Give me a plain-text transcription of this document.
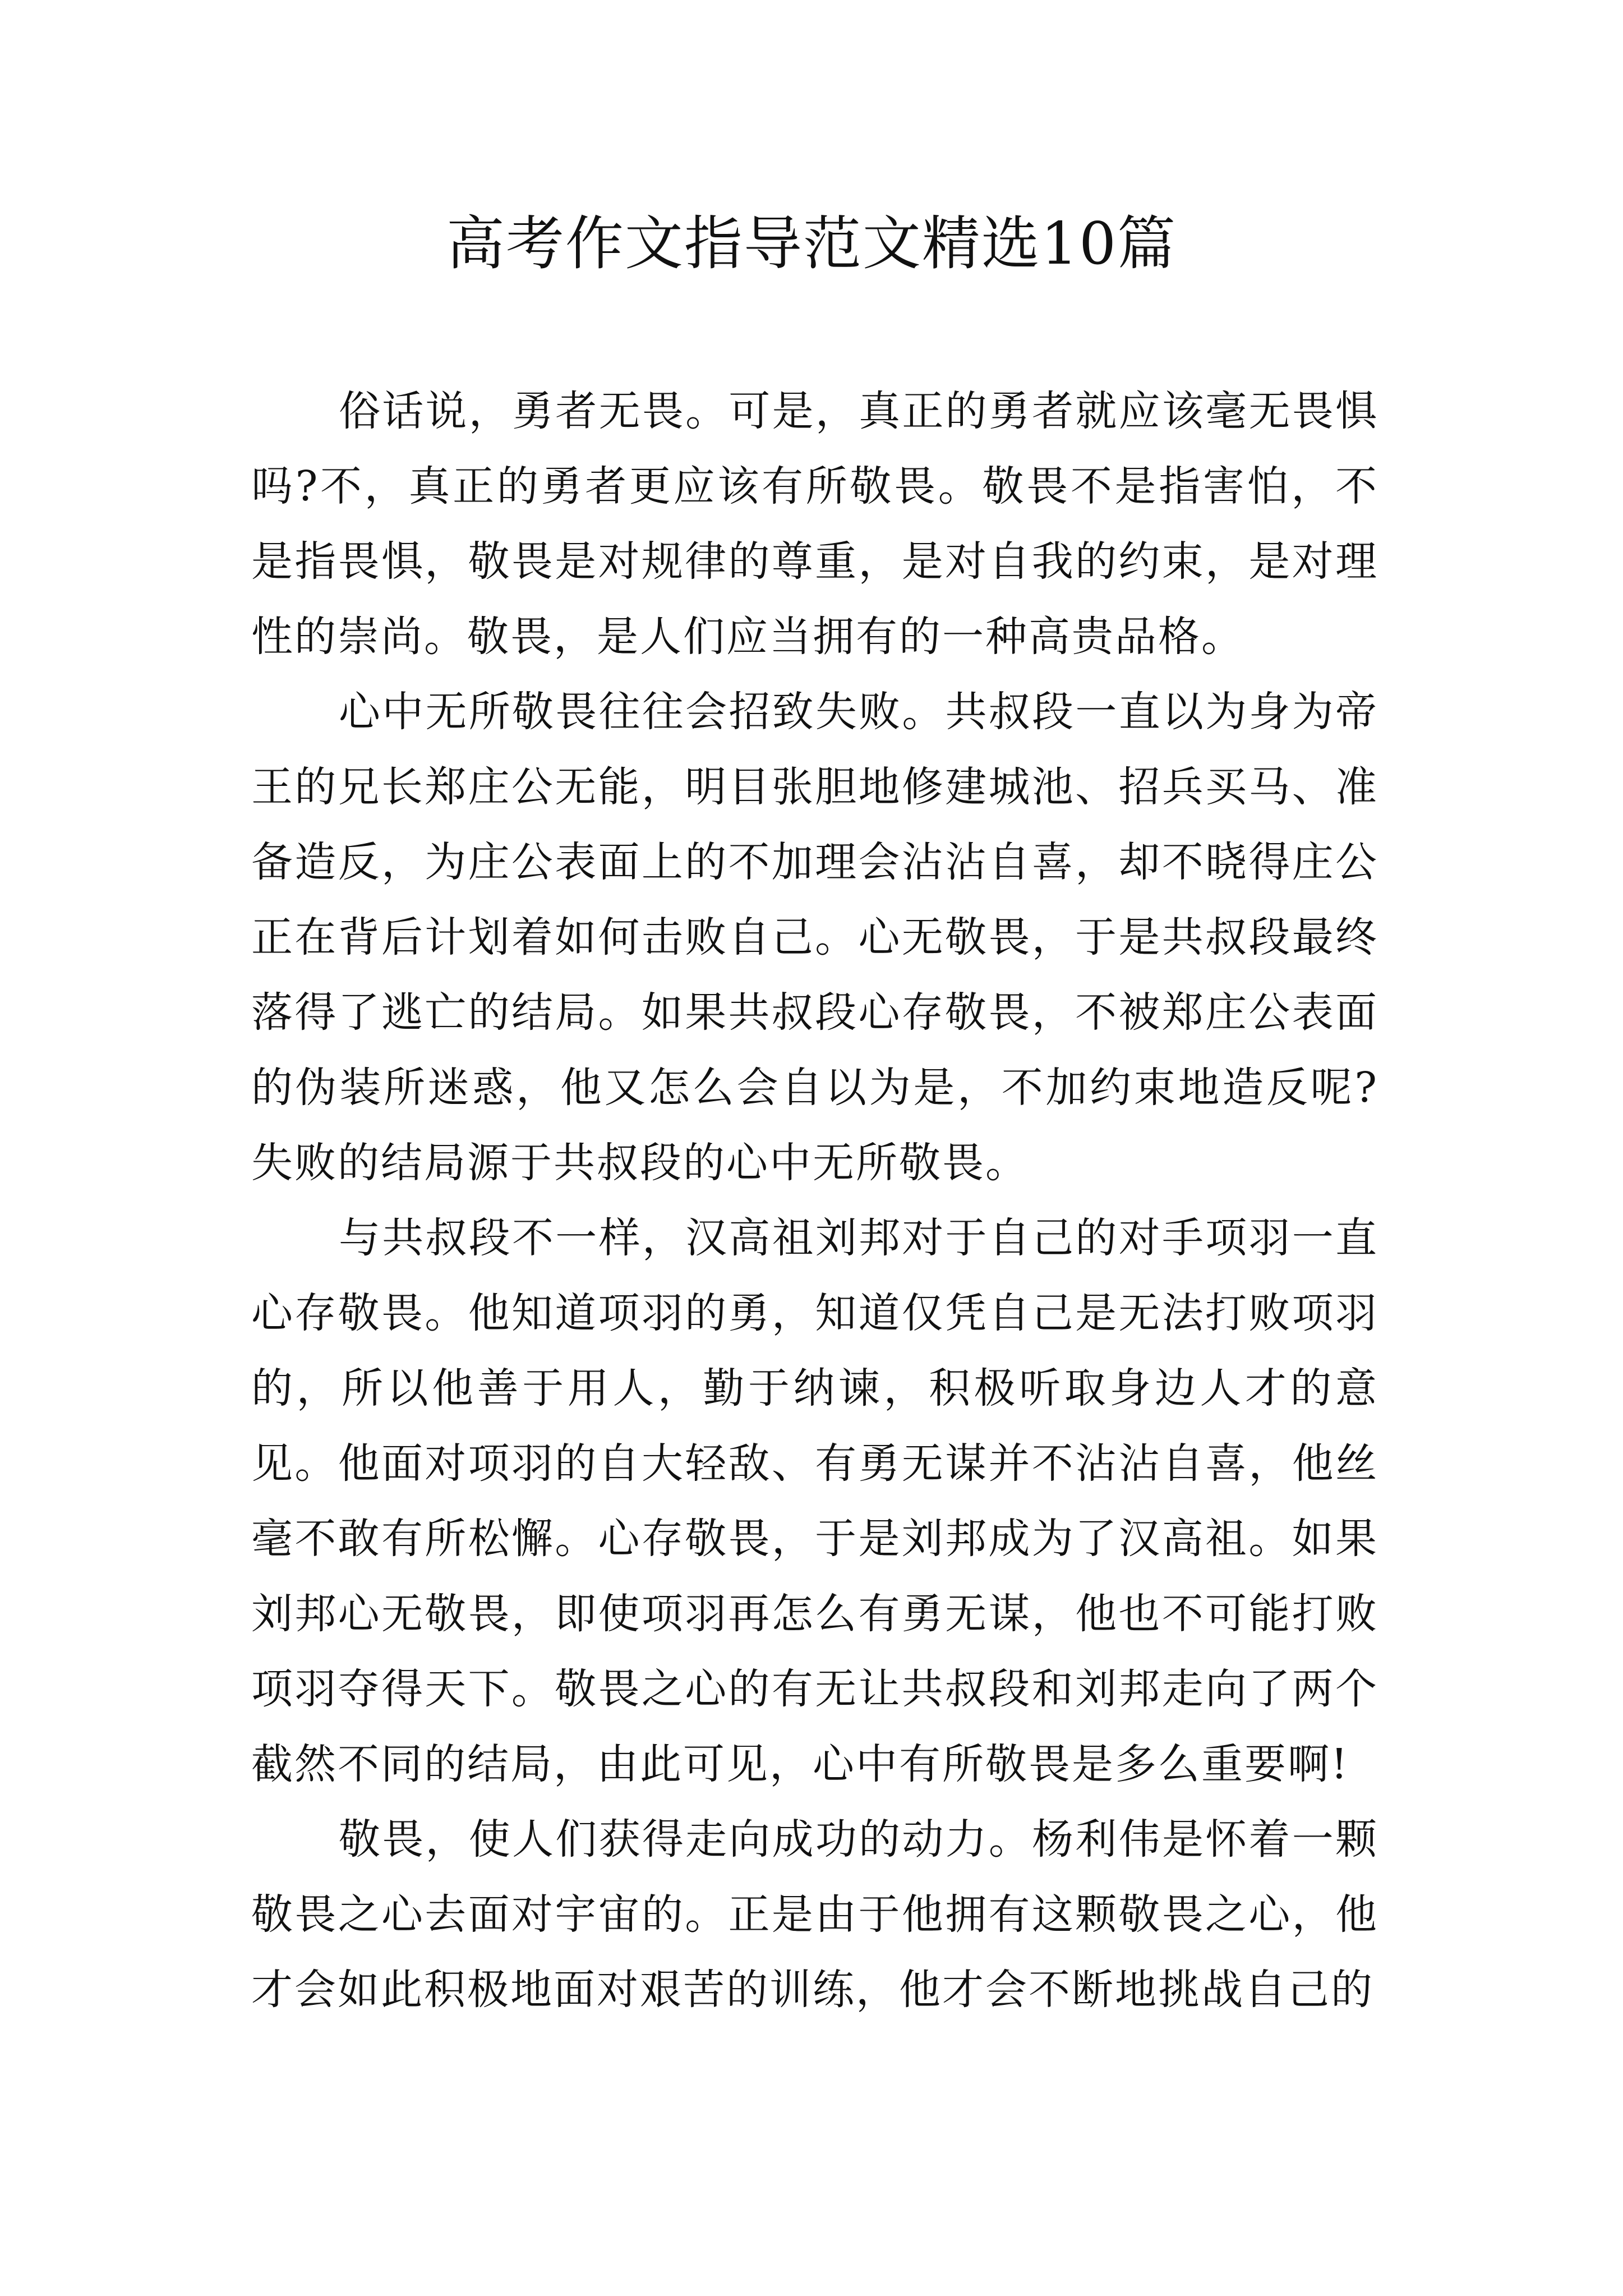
高考作文指导范文精选10篇

俗话说，勇者无畏。可是，真正的勇者就应该毫无畏惧吗?不，真正的勇者更应该有所敬畏。敬畏不是指害怕，不是指畏惧，敬畏是对规律的尊重，是对自我的约束，是对理性的崇尚。敬畏，是人们应当拥有的一种高贵品格。

心中无所敬畏往往会招致失败。共叔段一直以为身为帝王的兄长郑庄公无能，明目张胆地修建城池、招兵买马、准备造反，为庄公表面上的不加理会沾沾自喜，却不晓得庄公正在背后计划着如何击败自己。心无敬畏，于是共叔段最终落得了逃亡的结局。如果共叔段心存敬畏，不被郑庄公表面的伪装所迷惑，他又怎么会自以为是，不加约束地造反呢?失败的结局源于共叔段的心中无所敬畏。

与共叔段不一样，汉高祖刘邦对于自己的对手项羽一直心存敬畏。他知道项羽的勇，知道仅凭自己是无法打败项羽的，所以他善于用人，勤于纳谏，积极听取身边人才的意见。他面对项羽的自大轻敌、有勇无谋并不沾沾自喜，他丝毫不敢有所松懈。心存敬畏，于是刘邦成为了汉高祖。如果刘邦心无敬畏，即使项羽再怎么有勇无谋，他也不可能打败项羽夺得天下。敬畏之心的有无让共叔段和刘邦走向了两个截然不同的结局，由此可见，心中有所敬畏是多么重要啊!

敬畏，使人们获得走向成功的动力。杨利伟是怀着一颗敬畏之心去面对宇宙的。正是由于他拥有这颗敬畏之心，他才会如此积极地面对艰苦的训练，他才会不断地挑战自己的
